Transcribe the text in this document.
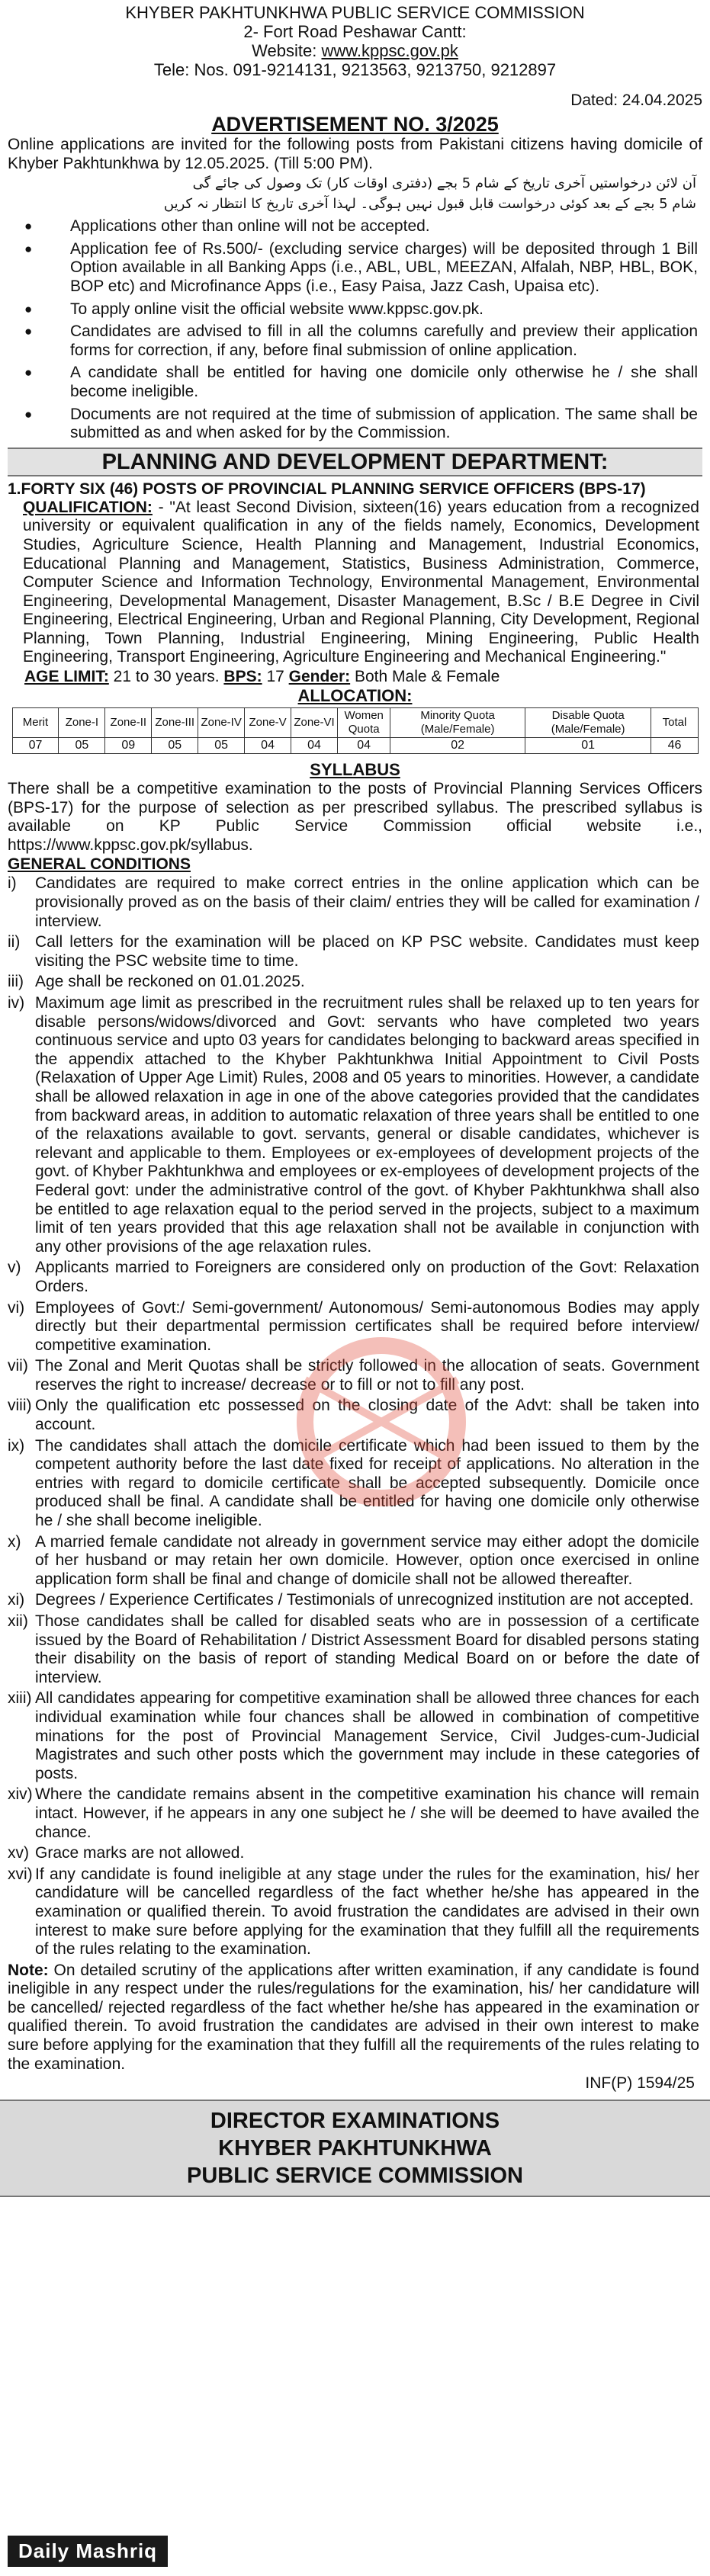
KHYBER PAKHTUNKHWA PUBLIC SERVICE COMMISSION

2- Fort Road Peshawar Cantt:

Website: www.kppsc.gov.pk

Tele: Nos. 091-9214131, 9213563, 9213750, 9212897

Dated: 24.04.2025
ADVERTISEMENT NO. 3/2025

Online applications are invited for the following posts from Pakistani citizens having domicile of Khyber Pakhtunkhwa by 12.05.2025. (Till 5:00 PM).

آن لائن درخواستیں آخری تاریخ کے شام 5 بجے (دفتری اوقات کار) تک وصول کی جائے گی

شام 5 بجے کے بعد کوئی درخواست قابل قبول نہیں ہوگی۔ لہذا آخری تاریخ کا انتظار نہ کریں

● Applications other than online will not be accepted.
● Application fee of Rs.500/- (excluding service charges) will be deposited through 1 Bill Option available in all Banking Apps (i.e., ABL, UBL, MEEZAN, Alfalah, NBP, HBL, BOK, BOP etc) and Microfinance Apps (i.e., Easy Paisa, Jazz Cash, Upaisa etc).
● To apply online visit the official website www.kppsc.gov.pk.
● Candidates are advised to fill in all the columns carefully and preview their application forms for correction, if any, before final submission of online application.
● A candidate shall be entitled for having one domicile only otherwise he / she shall become ineligible.
● Documents are not required at the time of submission of application. The same shall be submitted as and when asked for by the Commission.
PLANNING AND DEVELOPMENT DEPARTMENT:
1.FORTY SIX (46) POSTS OF PROVINCIAL PLANNING SERVICE OFFICERS (BPS-17)

QUALIFICATION: - "At least Second Division, sixteen(16) years education from a recognized university or equivalent qualification in any of the fields namely, Economics, Development Studies, Agriculture Science, Health Planning and Management, Industrial Economics, Educational Planning and Management, Statistics, Business Administration, Commerce, Computer Science and Information Technology, Environmental Management, Environmental Engineering, Developmental Management, Disaster Management, B.Sc / B.E Degree in Civil Engineering, Electrical Engineering, Urban and Regional Planning, City Development, Regional Planning, Town Planning, Industrial Engineering, Mining Engineering, Public Health Engineering, Transport Engineering, Agriculture Engineering and Mechanical Engineering."

AGE LIMIT: 21 to 30 years. BPS: 17 Gender: Both Male & Female

ALLOCATION:
Merit	Zone-I	Zone-II	Zone-III	Zone-IV	Zone-V	Zone-VI	Women Quota	Minority Quota (Male/Female)	Disable Quota (Male/Female)	Total
07	05	09	05	05	04	04	04	02	01	46
SYLLABUS

There shall be a competitive examination to the posts of Provincial Planning Services Officers (BPS-17) for the purpose of selection as per prescribed syllabus. The prescribed syllabus is available on KP Public Service Commission official website i.e., https://www.kppsc.gov.pk/syllabus.

GENERAL CONDITIONS
i) Candidates are required to make correct entries in the online application which can be provisionally proved as on the basis of their claim/ entries they will be called for examination / interview.
ii) Call letters for the examination will be placed on KP PSC website. Candidates must keep visiting the PSC website time to time.
iii) Age shall be reckoned on 01.01.2025.
iv) Maximum age limit as prescribed in the recruitment rules shall be relaxed up to ten years for disable persons/widows/divorced and Govt: servants who have completed two years continuous service and upto 03 years for candidates belonging to backward areas specified in the appendix attached to the Khyber Pakhtunkhwa Initial Appointment to Civil Posts (Relaxation of Upper Age Limit) Rules, 2008 and 05 years to minorities. However, a candidate shall be allowed relaxation in age in one of the above categories provided that the candidates from backward areas, in addition to automatic relaxation of three years shall be entitled to one of the relaxations available to govt. servants, general or disable candidates, whichever is relevant and applicable to them. Employees or ex-employees of development projects of the govt. of Khyber Pakhtunkhwa and employees or ex-employees of development projects of the Federal govt: under the administrative control of the govt. of Khyber Pakhtunkhwa shall also be entitled to age relaxation equal to the period served in the projects, subject to a maximum limit of ten years provided that this age relaxation shall not be available in conjunction with any other provisions of the age relaxation rules.
v) Applicants married to Foreigners are considered only on production of the Govt: Relaxation Orders.
vi) Employees of Govt:/ Semi-government/ Autonomous/ Semi-autonomous Bodies may apply directly but their departmental permission certificates shall be required before interview/ competitive examination.
vii) The Zonal and Merit Quotas shall be strictly followed in the allocation of seats. Government reserves the right to increase/ decrease or to fill or not to fill any post.
viii) Only the qualification etc possessed on the closing date of the Advt: shall be taken into account.
ix) The candidates shall attach the domicile certificate which had been issued to them by the competent authority before the last date fixed for receipt of applications. No alteration in the entries with regard to domicile certificate shall be accepted subsequently. Domicile once produced shall be final. A candidate shall be entitled for having one domicile only otherwise he / she shall become ineligible.
x) A married female candidate not already in government service may either adopt the domicile of her husband or may retain her own domicile. However, option once exercised in online application form shall be final and change of domicile shall not be allowed thereafter.
xi) Degrees / Experience Certificates / Testimonials of unrecognized institution are not accepted.
xii) Those candidates shall be called for disabled seats who are in possession of a certificate issued by the Board of Rehabilitation / District Assessment Board for disabled persons stating their disability on the basis of report of standing Medical Board on or before the date of interview.
xiii) All candidates appearing for competitive examination shall be allowed three chances for each individual examination while four chances shall be allowed in combination of competitive minations for the post of Provincial Management Service, Civil Judges-cum-Judicial Magistrates and such other posts which the government may include in these categories of posts.
xiv) Where the candidate remains absent in the competitive examination his chance will remain intact. However, if he appears in any one subject he / she will be deemed to have availed the chance.
xv) Grace marks are not allowed.
xvi) If any candidate is found ineligible at any stage under the rules for the examination, his/ her candidature will be cancelled regardless of the fact whether he/she has appeared in the examination or qualified therein. To avoid frustration the candidates are advised in their own interest to make sure before applying for the examination that they fulfill all the requirements of the rules relating to the examination.

Note: On detailed scrutiny of the applications after written examination, if any candidate is found ineligible in any respect under the rules/regulations for the examination, his/ her candidature will be cancelled/ rejected regardless of the fact whether he/she has appeared in the examination or qualified therein. To avoid frustration the candidates are advised in their own interest to make sure before applying for the examination that they fulfill all the requirements of the rules relating to the examination.

INF(P) 1594/25

DIRECTOR EXAMINATIONS

KHYBER PAKHTUNKHWA

PUBLIC SERVICE COMMISSION

Daily Mashriq
